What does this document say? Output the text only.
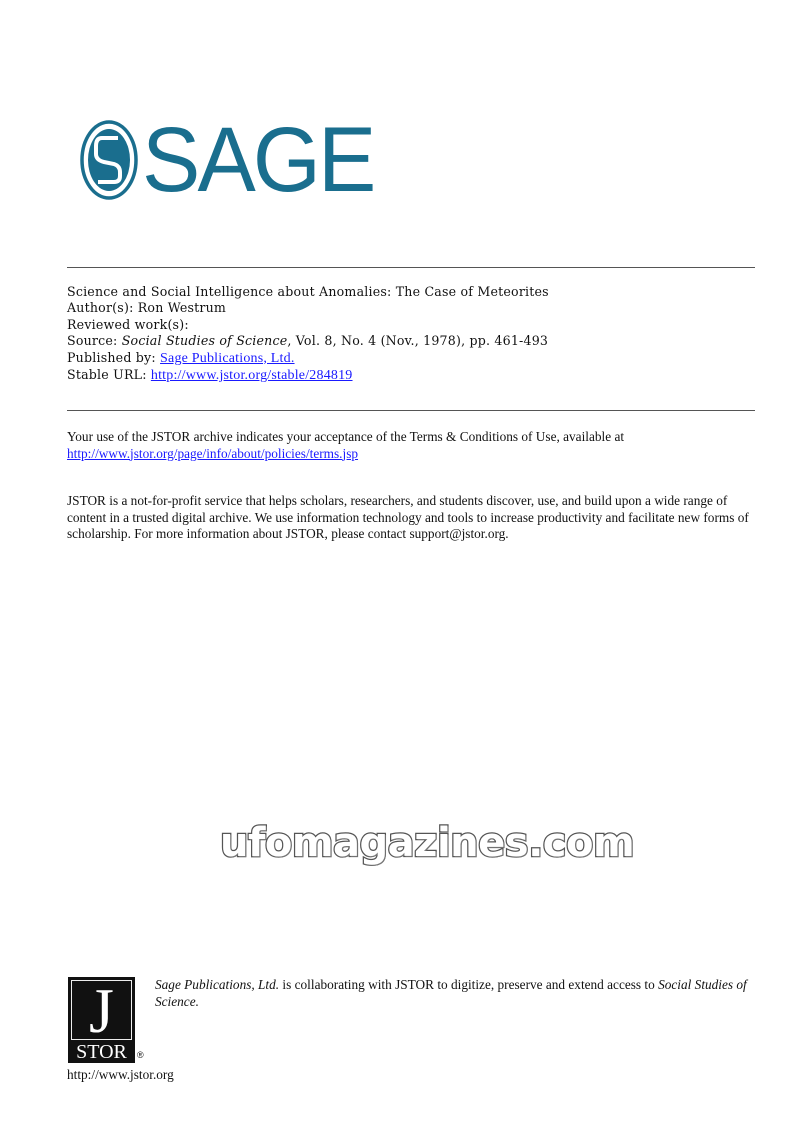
SAGE
Science and Social Intelligence about Anomalies: The Case of Meteorites
Author(s): Ron Westrum
Reviewed work(s):
Source: Social Studies of Science, Vol. 8, No. 4 (Nov., 1978), pp. 461-493
Published by: Sage Publications, Ltd.
Stable URL: http://www.jstor.org/stable/284819
Your use of the JSTOR archive indicates your acceptance of the Terms & Conditions of Use, available at
http://www.jstor.org/page/info/about/policies/terms.jsp
JSTOR is a not-for-profit service that helps scholars, researchers, and students discover, use, and build upon a wide range of content in a trusted digital archive. We use information technology and tools to increase productivity and facilitate new forms of scholarship. For more information about JSTOR, please contact support@jstor.org.
ufomagazines.com
J
STOR	®
http://www.jstor.org
Sage Publications, Ltd. is collaborating with JSTOR to digitize, preserve and extend access to Social Studies of Science.
